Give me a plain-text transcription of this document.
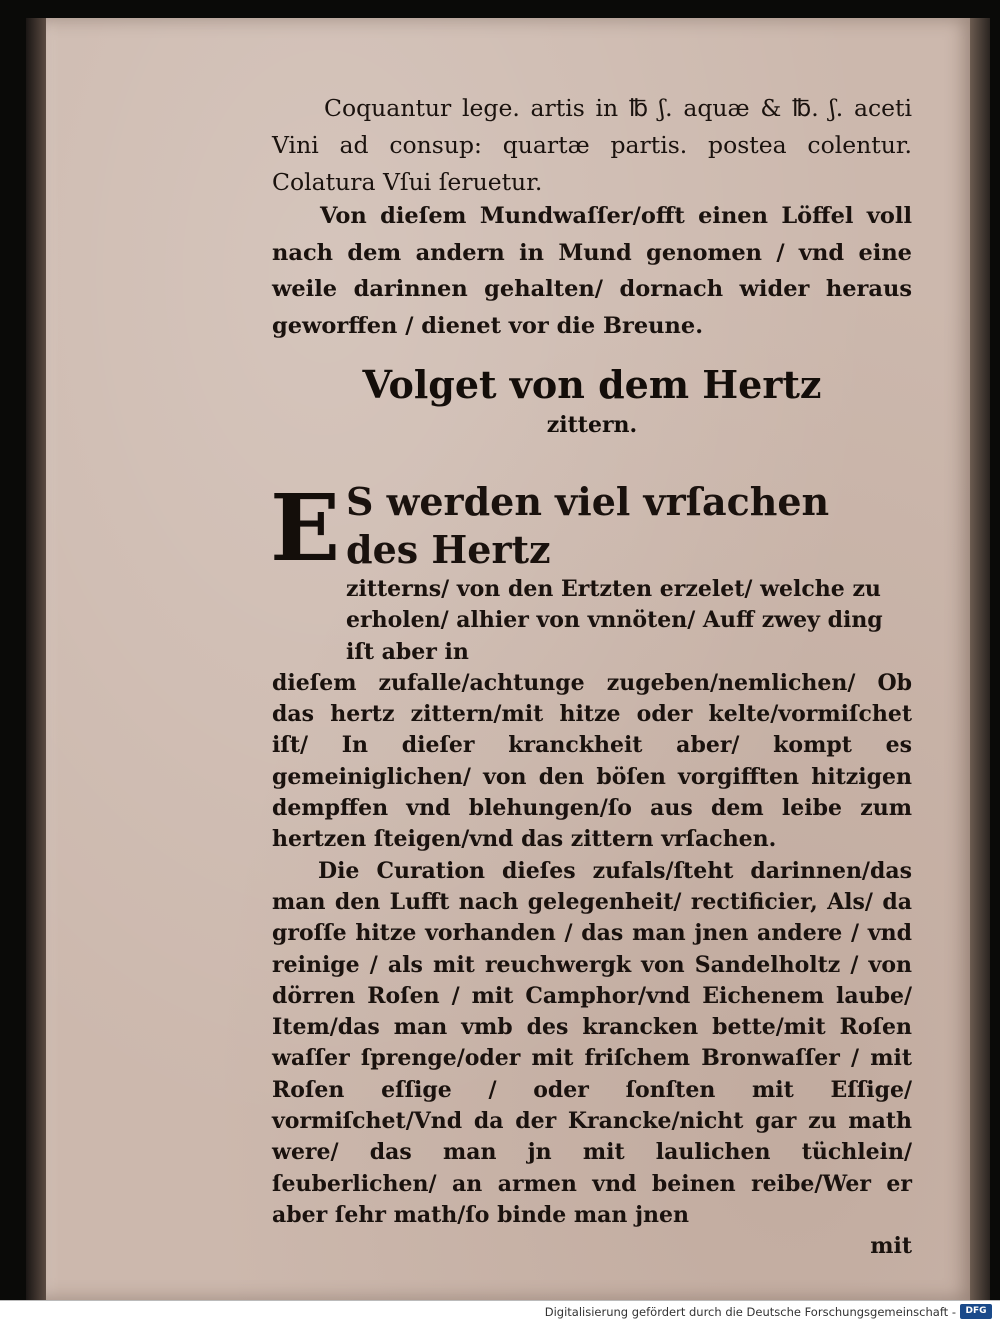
Coquantur lege. artis in ℔ ʃ. aquæ & ℔. ʃ. aceti Vini ad consup: quartæ partis. postea colentur. Colatura Vſui ſeruetur.

Von dieſem Mundwaſſer/offt einen Löffel voll nach dem andern in Mund genomen / vnd eine weile darinnen gehalten/ dornach wider heraus geworffen / dienet vor die Breune.

Volget von dem Hertz
zittern.
E S werden viel vrſachen des Hertz
zitterns/ von den Ertzten erzelet/ welche zu erholen/ alhier von vnnöten/ Auff zwey ding iſt aber in

dieſem zufalle/achtunge zugeben/nemlichen/ Ob das hertz zittern/mit hitze oder kelte/vormiſchet iſt/ In dieſer kranckheit aber/ kompt es gemeiniglichen/ von den böſen vorgifften hitzigen dempffen vnd blehungen/ſo aus dem leibe zum hertzen ſteigen/vnd das zittern vrſachen.

Die Curation dieſes zufals/ſteht darinnen/das man den Lufft nach gelegenheit/ rectificier, Als/ da groſſe hitze vorhanden / das man jnen andere / vnd reinige / als mit reuchwergk von Sandelholtz / von dörren Roſen / mit Camphor/vnd Eichenem laube/ Item/das man vmb des krancken bette/mit Roſen waſſer ſprenge/oder mit friſchem Bronwaſſer / mit Roſen eſſige / oder ſonſten mit Eſſige/ vormiſchet/Vnd da der Krancke/nicht gar zu math were/ das man jn mit laulichen tüchlein/ſeuberlichen/ an armen vnd beinen reibe/Wer er aber ſehr math/ſo binde man jnen

mit
Digitalisierung gefördert durch die Deutsche Forschungsgemeinschaft -	DFG
